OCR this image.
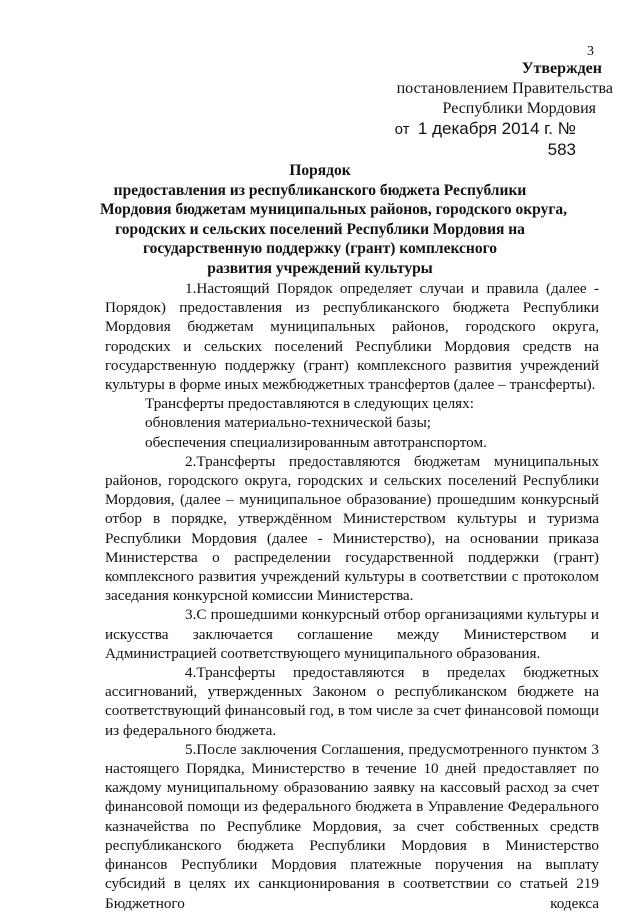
3
Утвержден
постановлением Правительства
Республики Мордовия
от 1 декабря 2014 г. № 583
Порядок
предоставления из республиканского бюджета Республики
Мордовия бюджетам муниципальных районов, городского округа,
городских и сельских поселений Республики Мордовия на
государственную поддержку (грант) комплексного
развития учреждений культуры

1.Настоящий Порядок определяет случаи и правила (далее - Порядок) предоставления из республиканского бюджета Республики Мордовия бюджетам муниципальных районов, городского округа, городских и сельских поселений Республики Мордовия средств на государственную поддержку (грант) комплексного развития учреждений культуры в форме иных межбюджетных трансфертов (далее – трансферты).

Трансферты предоставляются в следующих целях:

обновления материально-технической базы;

обеспечения специализированным автотранспортом.

2.Трансферты предоставляются бюджетам муниципальных районов, городского округа, городских и сельских поселений Республики Мордовия, (далее – муниципальное образование) прошедшим конкурсный отбор в порядке, утверждённом Министерством культуры и туризма Республики Мордовия (далее - Министерство), на основании приказа Министерства о распределении государственной поддержки (грант) комплексного развития учреждений культуры в соответствии с протоколом заседания конкурсной комиссии Министерства.

3.С прошедшими конкурсный отбор организациями культуры и искусства заключается соглашение между Министерством и Администрацией соответствующего муниципального образования.

4.Трансферты предоставляются в пределах бюджетных ассигнований, утвержденных Законом о республиканском бюджете на соответствующий финансовый год, в том числе за счет финансовой помощи из федерального бюджета.

5.После заключения Соглашения, предусмотренного пунктом 3 настоящего Порядка, Министерство в течение 10 дней предоставляет по каждому муниципальному образованию заявку на кассовый расход за счет финансовой помощи из федерального бюджета в Управление Федерального казначейства по Республике Мордовия, за счет собственных средств республиканского бюджета Республики Мордовия в Министерство финансов Республики Мордовия платежные поручения на выплату субсидий в целях их санкционирования в соответствии со статьей 219 Бюджетного кодекса
